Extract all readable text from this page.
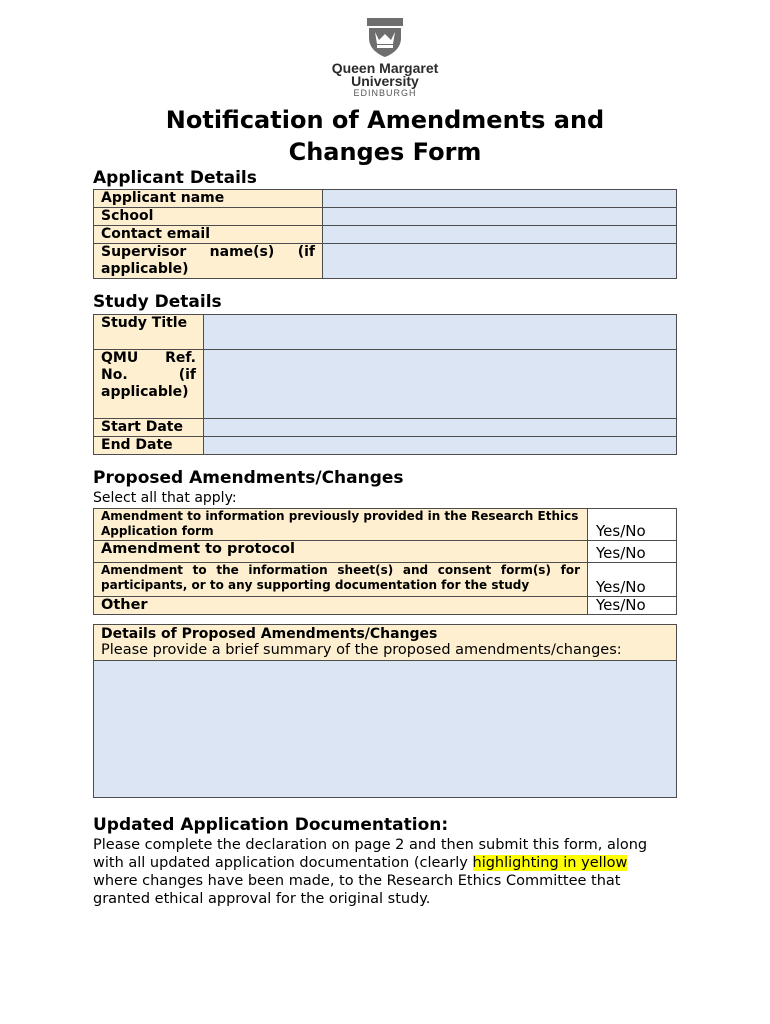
Queen Margaret
University
EDINBURGH
Notification of Amendments and
Changes Form
Applicant Details
Applicant name	
School	
Contact email	
Supervisor name(s) (if applicable)	
Study Details
Study Title	
QMU Ref. No. (if applicable)	
Start Date	
End Date	
Proposed Amendments/Changes
Select all that apply:
Amendment to information previously provided in the Research Ethics Application form	Yes/No
Amendment to protocol	Yes/No
Amendment to the information sheet(s) and consent form(s) for participants, or to any supporting documentation for the study	Yes/No
Other	Yes/No
Details of Proposed Amendments/Changes
Please provide a brief summary of the proposed amendments/changes:
Updated Application Documentation:

Please complete the declaration on page 2 and then submit this form, along with all updated application documentation (clearly highlighting in yellow where changes have been made, to the Research Ethics Committee that granted ethical approval for the original study.
